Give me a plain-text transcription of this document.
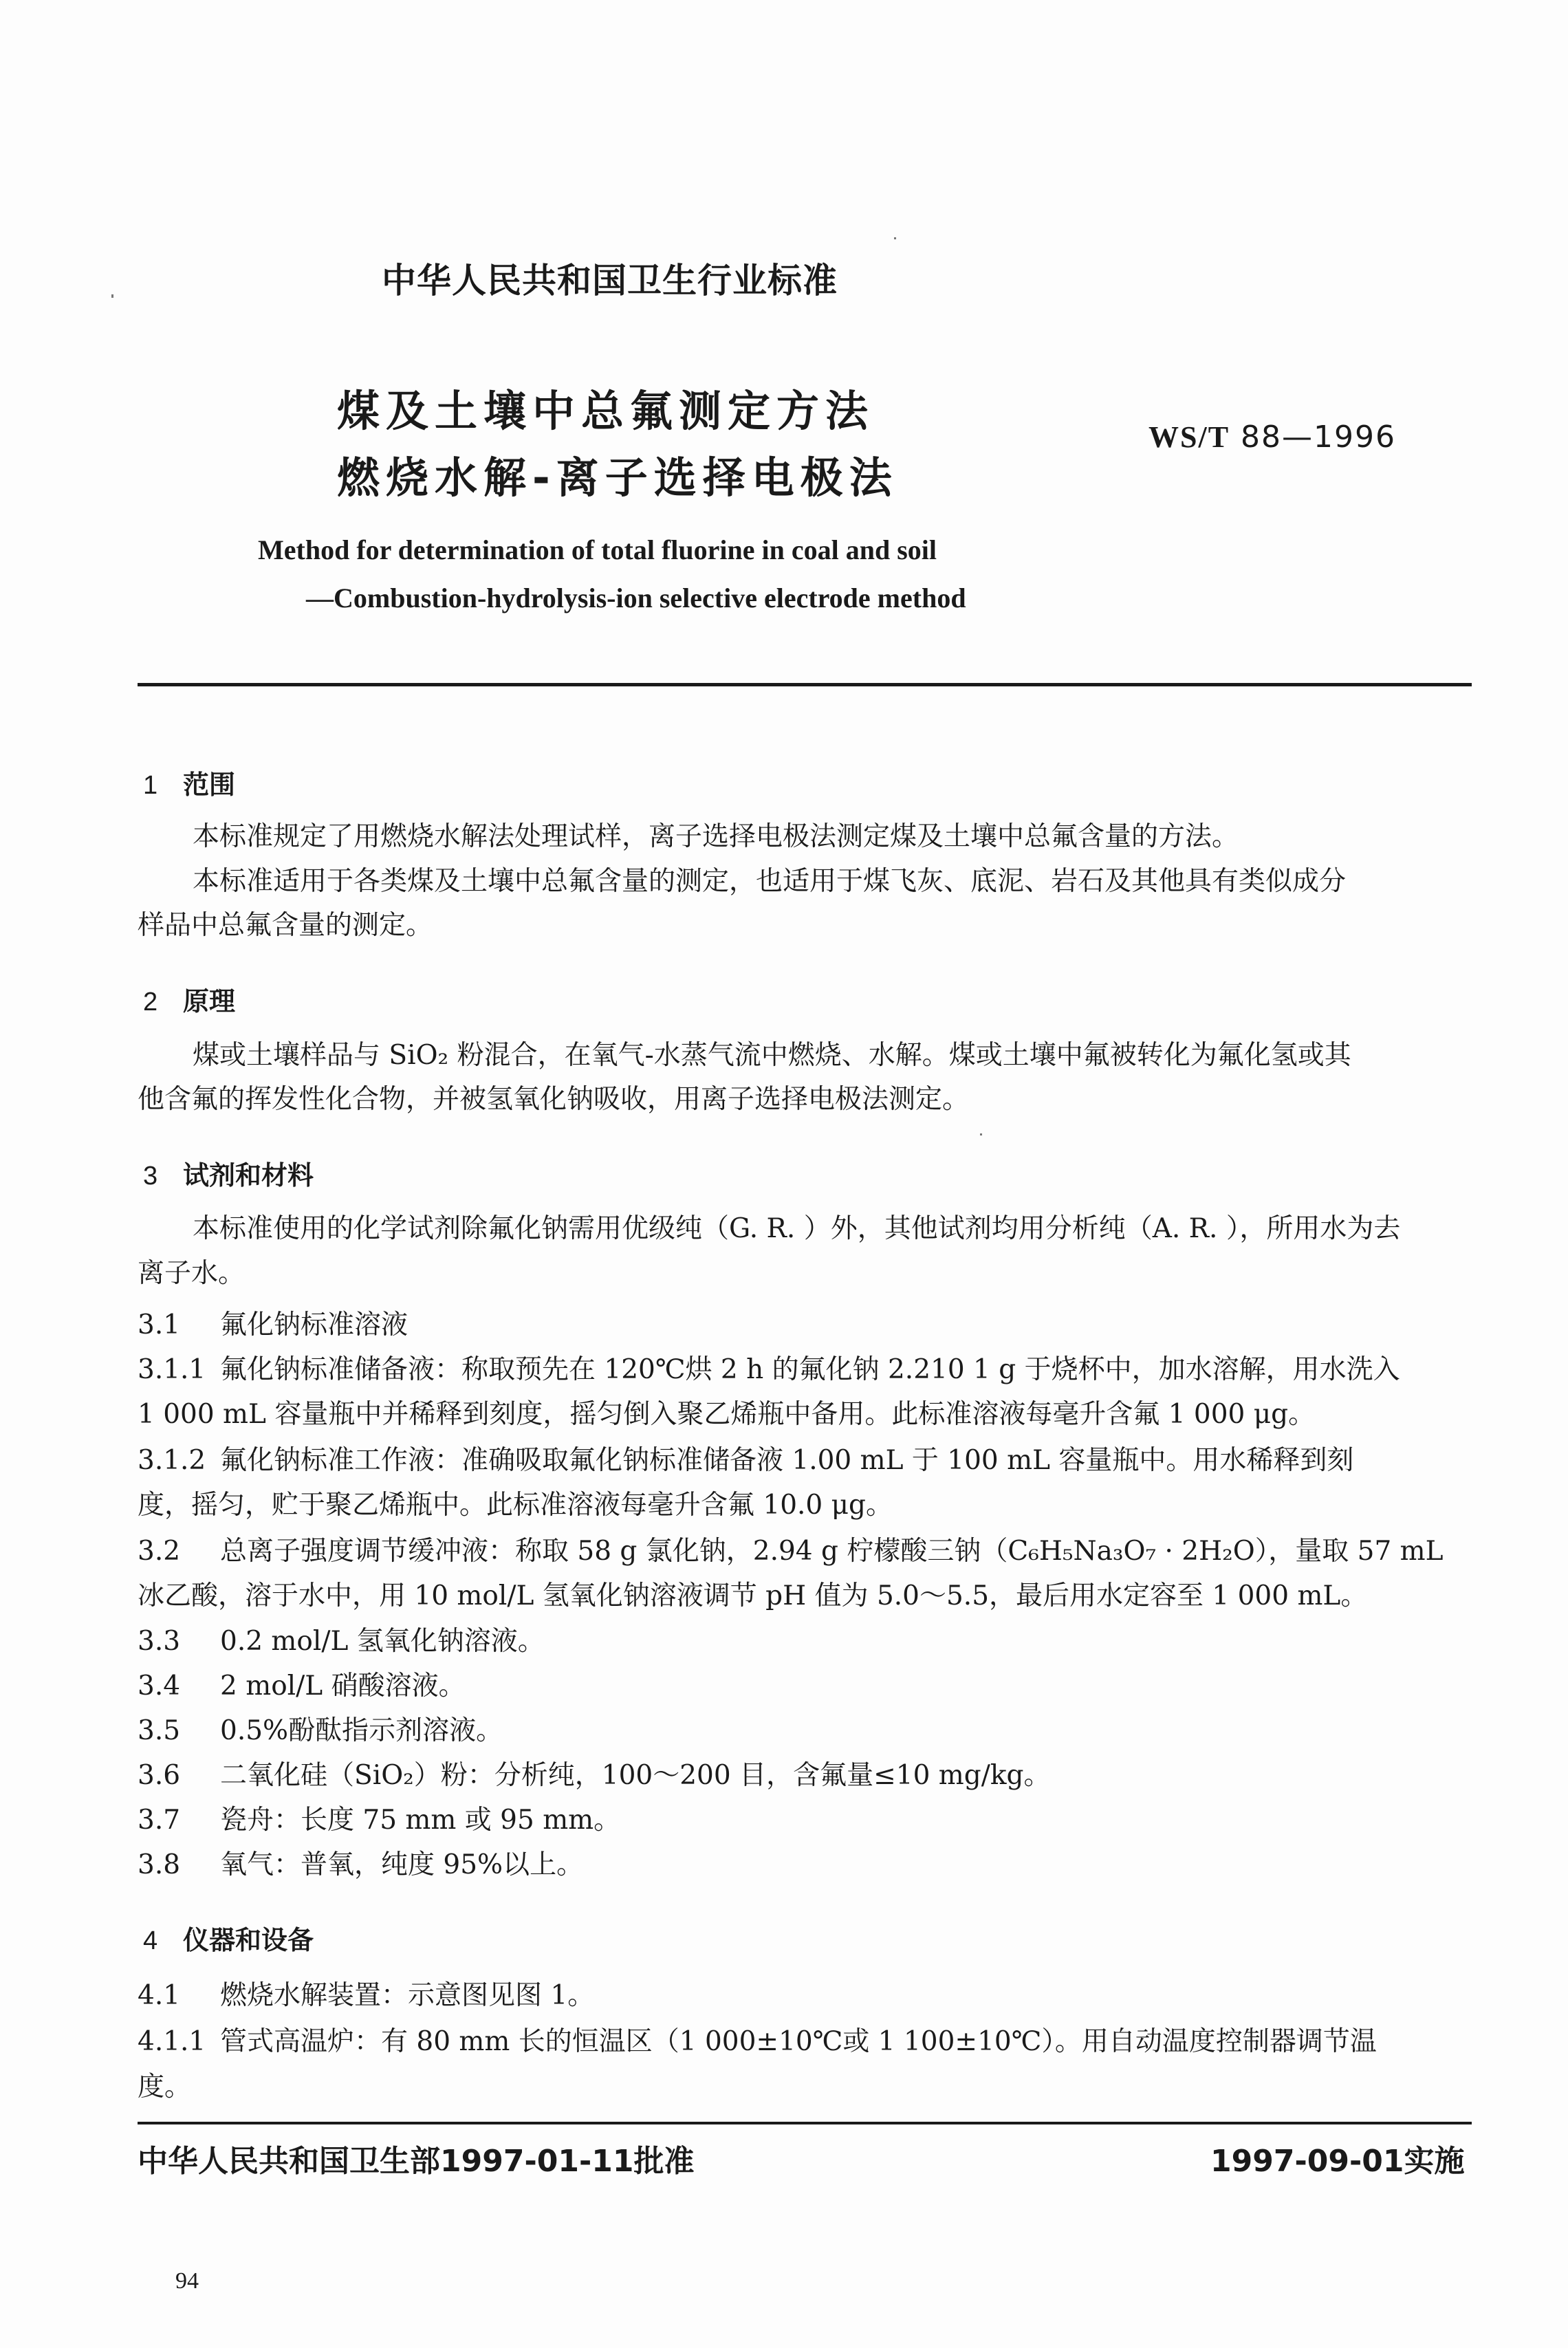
中华人民共和国卫生行业标准
煤及土壤中总氟测定方法
燃烧水解-离子选择电极法
WS/T 88—1996
Method for determination of total fluorine in coal and soil
—Combustion-hydrolysis-ion selective electrode method
1 范围
本标准规定了用燃烧水解法处理试样，离子选择电极法测定煤及土壤中总氟含量的方法。
本标准适用于各类煤及土壤中总氟含量的测定，也适用于煤飞灰、底泥、岩石及其他具有类似成分
样品中总氟含量的测定。
2 原理
煤或土壤样品与 SiO₂ 粉混合，在氧气-水蒸气流中燃烧、水解。煤或土壤中氟被转化为氟化氢或其
他含氟的挥发性化合物，并被氢氧化钠吸收，用离子选择电极法测定。
3 试剂和材料
本标准使用的化学试剂除氟化钠需用优级纯（G. R. ）外，其他试剂均用分析纯（A. R. ），所用水为去
离子水。
3.1 氟化钠标准溶液
3.1.1 氟化钠标准储备液：称取预先在 120℃烘 2 h 的氟化钠 2.210 1 g 于烧杯中，加水溶解，用水洗入
1 000 mL 容量瓶中并稀释到刻度，摇匀倒入聚乙烯瓶中备用。此标准溶液每毫升含氟 1 000 μg。
3.1.2 氟化钠标准工作液：准确吸取氟化钠标准储备液 1.00 mL 于 100 mL 容量瓶中。用水稀释到刻
度，摇匀，贮于聚乙烯瓶中。此标准溶液每毫升含氟 10.0 μg。
3.2 总离子强度调节缓冲液：称取 58 g 氯化钠，2.94 g 柠檬酸三钠（C₆H₅Na₃O₇ · 2H₂O），量取 57 mL
冰乙酸，溶于水中，用 10 mol/L 氢氧化钠溶液调节 pH 值为 5.0～5.5，最后用水定容至 1 000 mL。
3.3 0.2 mol/L 氢氧化钠溶液。
3.4 2 mol/L 硝酸溶液。
3.5 0.5%酚酞指示剂溶液。
3.6 二氧化硅（SiO₂）粉：分析纯，100～200 目，含氟量≤10 mg/kg。
3.7 瓷舟：长度 75 mm 或 95 mm。
3.8 氧气：普氧，纯度 95%以上。
4 仪器和设备
4.1 燃烧水解装置：示意图见图 1。
4.1.1 管式高温炉：有 80 mm 长的恒温区（1 000±10℃或 1 100±10℃）。用自动温度控制器调节温
度。
中华人民共和国卫生部1997-01-11批准	1997-09-01实施
94
